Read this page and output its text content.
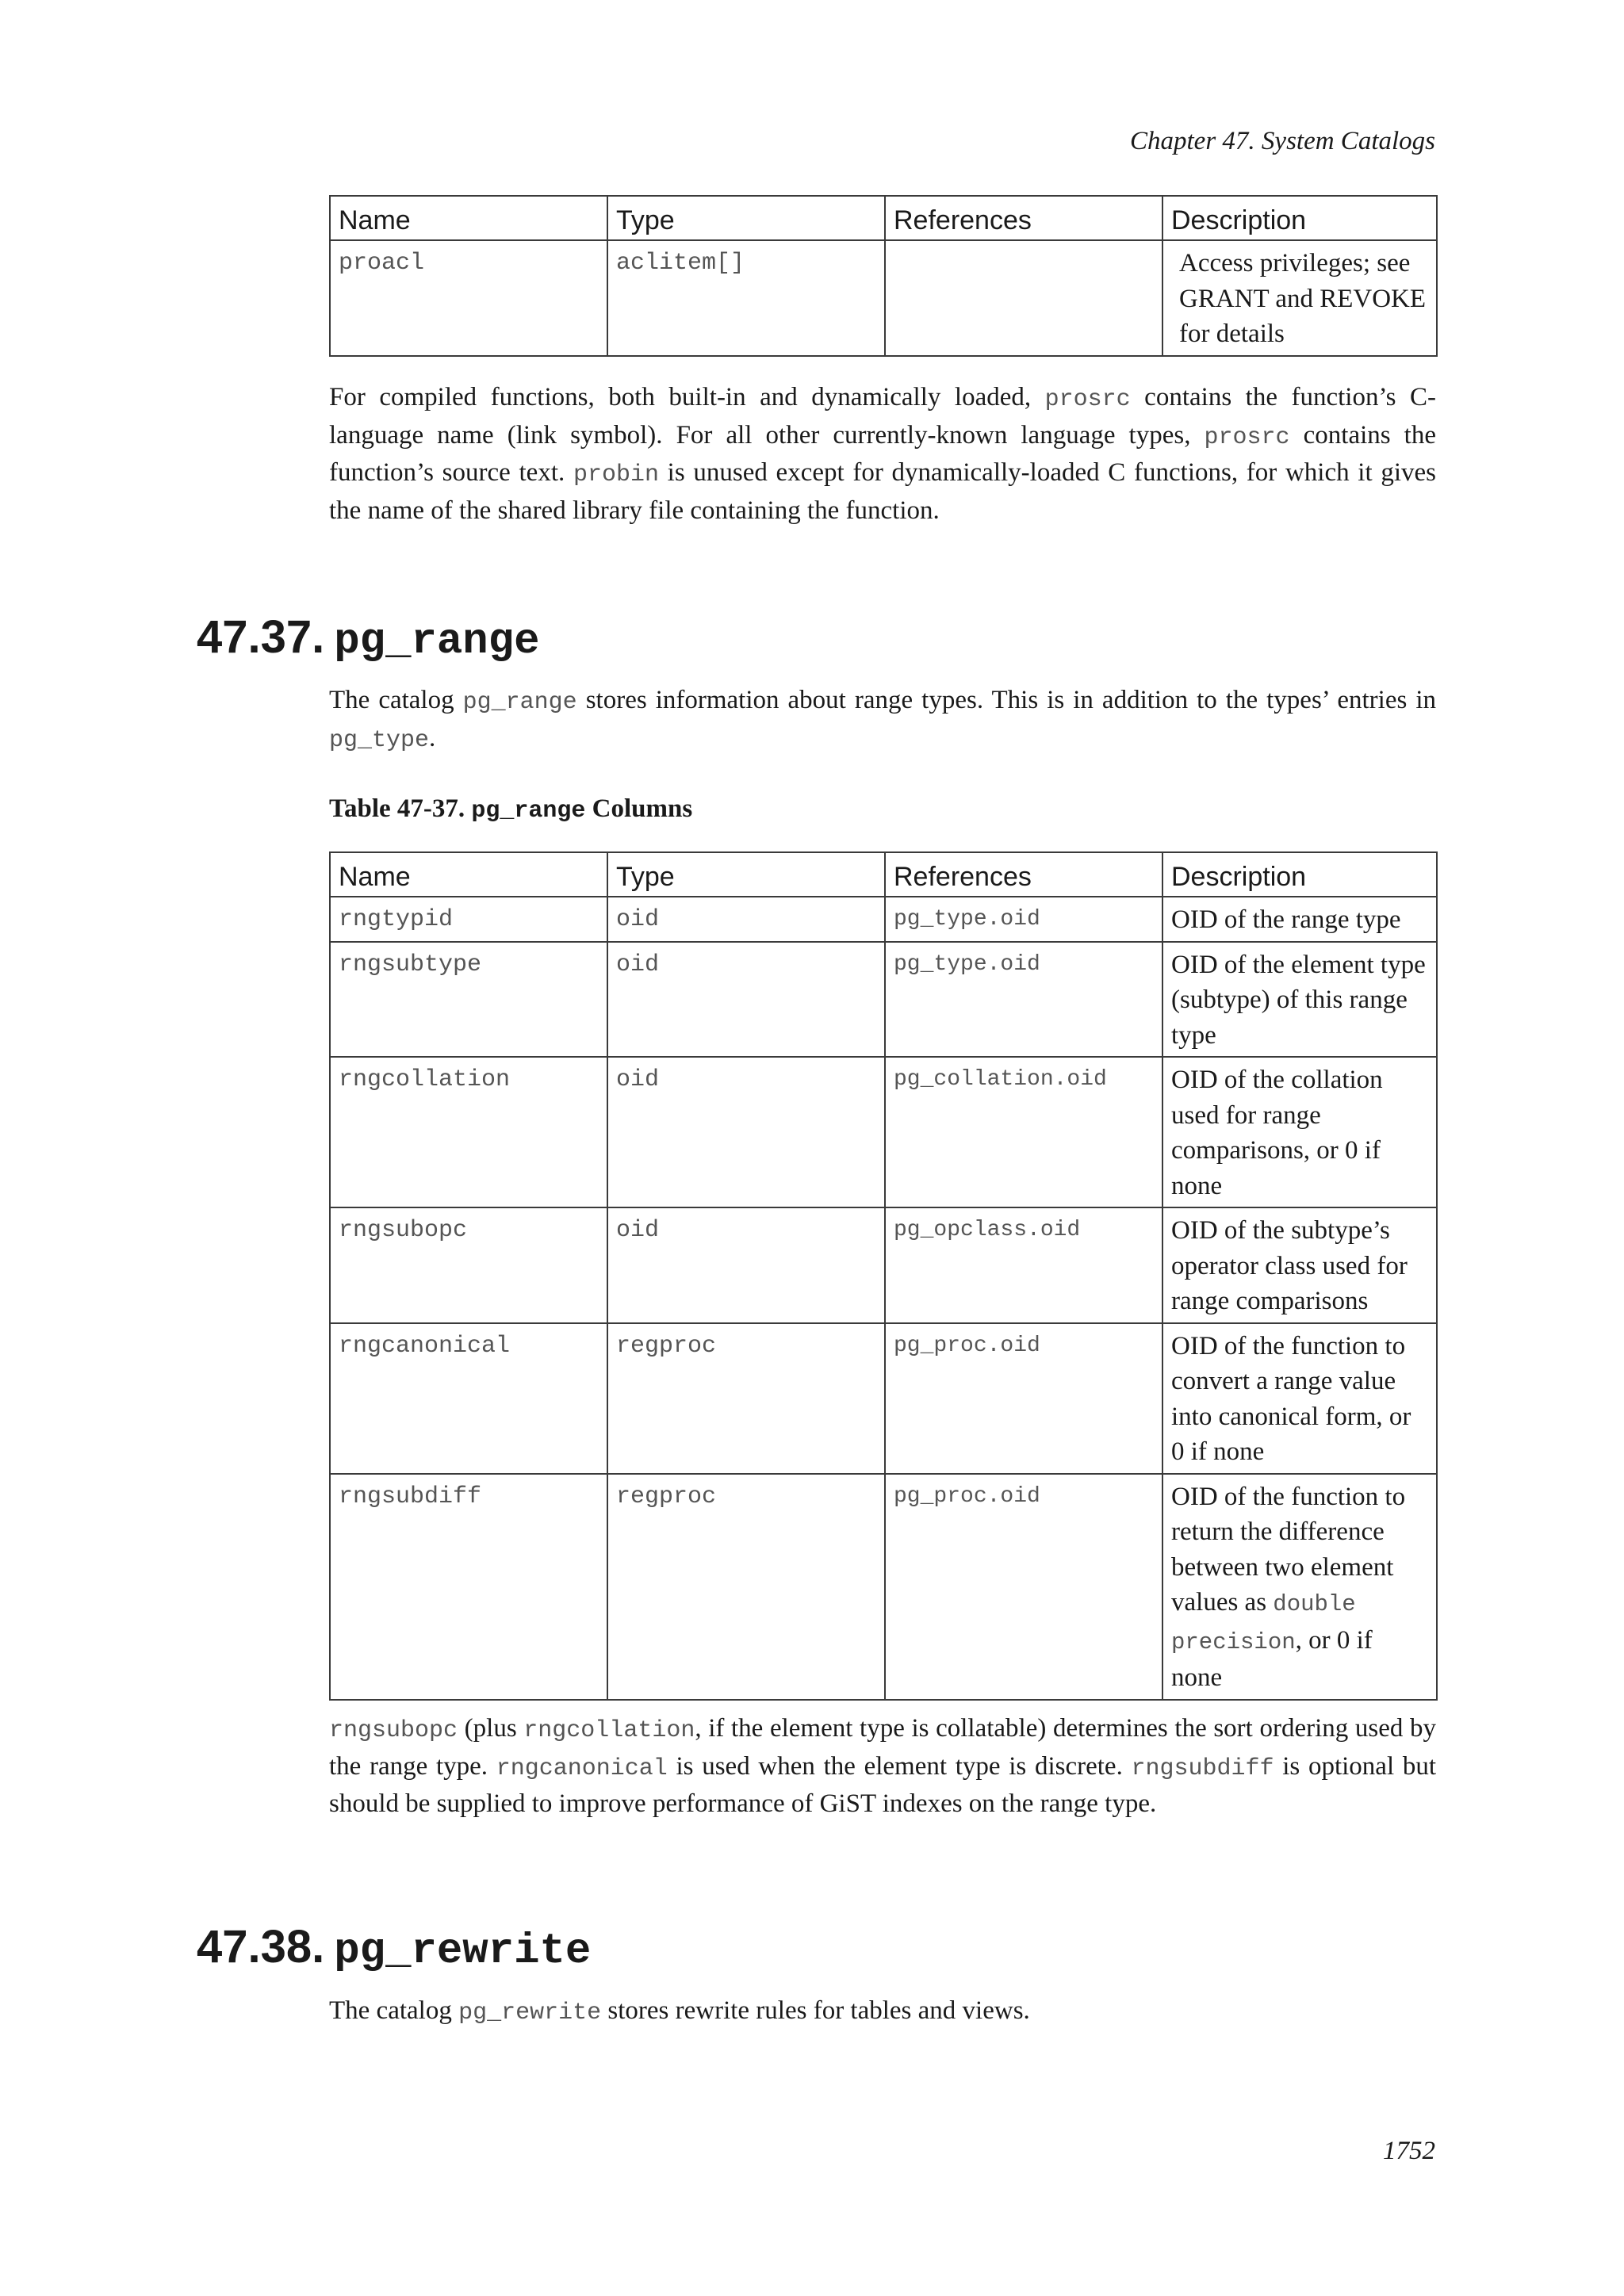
Chapter 47. System Catalogs
Name	Type	References	Description
proacl	aclitem[]		Access privileges; see GRANT and REVOKE for details

For compiled functions, both built-in and dynamically loaded, prosrc contains the function’s C-language name (link symbol). For all other currently-known language types, prosrc contains the function’s source text. probin is unused except for dynamically-loaded C functions, for which it gives the name of the shared library file containing the function.

47.37. pg_range

The catalog pg_range stores information about range types. This is in addition to the types’ entries in pg_type.

Table 47-37. pg_range Columns
Name	Type	References	Description
rngtypid	oid	pg_type.oid	OID of the range type
rngsubtype	oid	pg_type.oid	OID of the element type (subtype) of this range type
rngcollation	oid	pg_collation.oid	OID of the collation used for range comparisons, or 0 if none
rngsubopc	oid	pg_opclass.oid	OID of the subtype’s operator class used for range comparisons
rngcanonical	regproc	pg_proc.oid	OID of the function to convert a range value into canonical form, or 0 if none
rngsubdiff	regproc	pg_proc.oid	OID of the function to return the difference between two element values as double precision, or 0 if none

rngsubopc (plus rngcollation, if the element type is collatable) determines the sort ordering used by the range type. rngcanonical is used when the element type is discrete. rngsubdiff is optional but should be supplied to improve performance of GiST indexes on the range type.

47.38. pg_rewrite

The catalog pg_rewrite stores rewrite rules for tables and views.

1752
